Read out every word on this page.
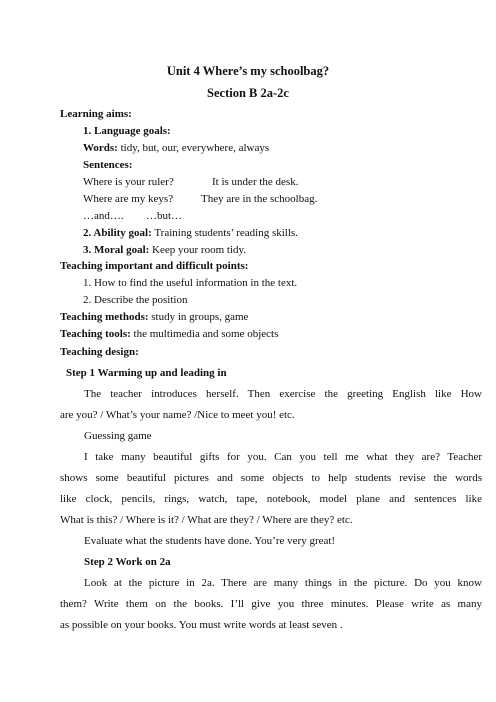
Unit 4 Where’s my schoolbag?
Section B 2a-2c
Learning aims:
1. Language goals:
Words: tidy, but, our, everywhere, always
Sentences:
Where is your ruler?	It is under the desk.
Where are my keys?	They are in the schoolbag.
…and…. …but…
2. Ability goal: Training students’ reading skills.
3. Moral goal: Keep your room tidy.
Teaching important and difficult points:
1. How to find the useful information in the text.
2. Describe the position
Teaching methods: study in groups, game
Teaching tools: the multimedia and some objects
Teaching design:
Step 1 Warming up and leading in
The teacher introduces herself. Then exercise the greeting English like How
are you? / What’s your name? /Nice to meet you! etc.
Guessing game
I take many beautiful gifts for you. Can you tell me what they are? Teacher
shows some beautiful pictures and some objects to help students revise the words
like clock, pencils, rings, watch, tape, notebook, model plane and sentences like
What is this? / Where is it? / What are they? / Where are they? etc.
Evaluate what the students have done. You’re very great!
Step 2 Work on 2a
Look at the picture in 2a. There are many things in the picture. Do you know
them? Write them on the books. I’ll give you three minutes. Please write as many
as possible on your books. You must write words at least seven .
